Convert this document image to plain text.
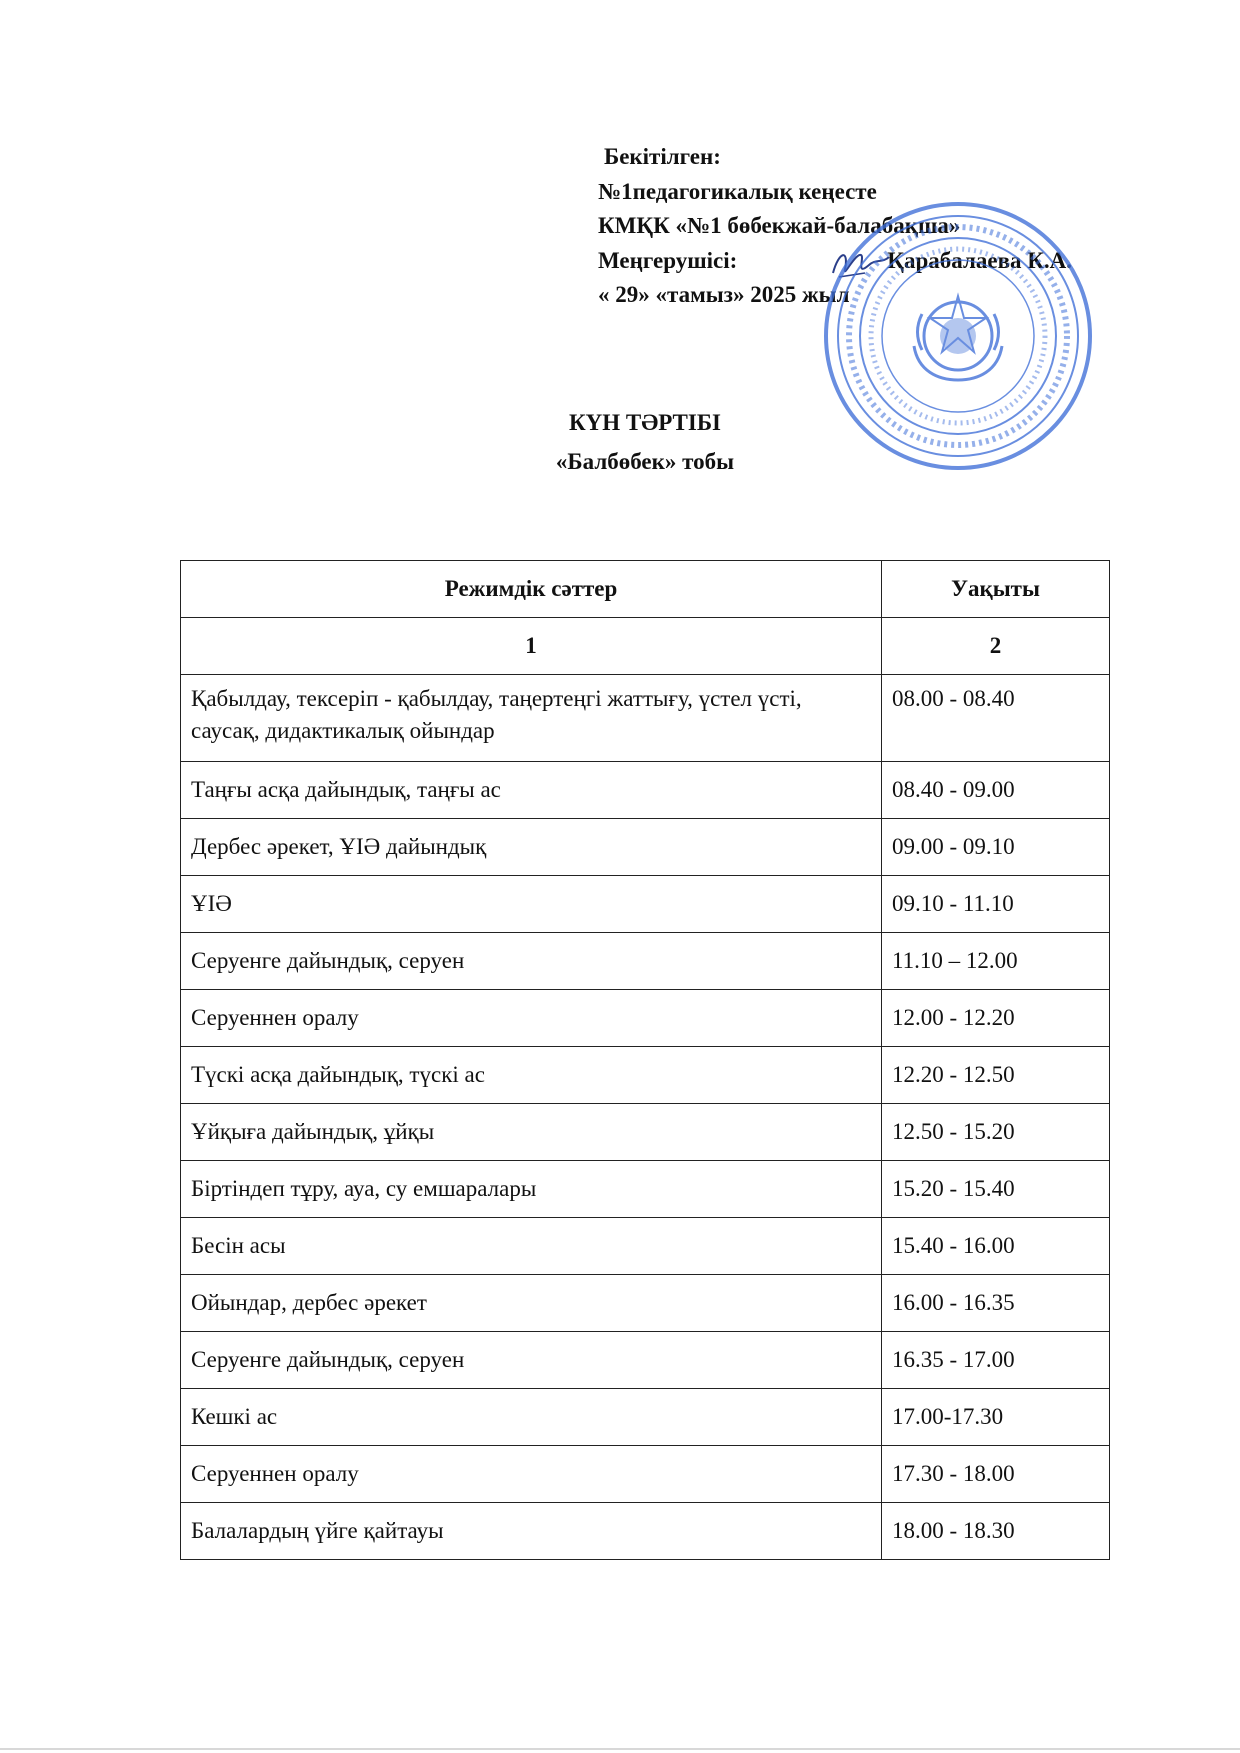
Бекітілген:
№1педагогикалық кеңесте
КМҚК «№1 бөбекжай-балабақша»
Меңгерушісі:	Қарабалаева К.А.
« 29» «тамыз» 2025 жыл
КҮН ТӘРТІБІ
«Балбөбек» тобы
Режимдік сәттер	Уақыты
1	2
Қабылдау, тексеріп - қабылдау, таңертеңгі жаттығу, үстел үсті, саусақ, дидактикалық ойындар	08.00 - 08.40
Таңғы асқа дайындық, таңғы ас	08.40 - 09.00
Дербес әрекет, ҰІӘ дайындық	09.00 - 09.10
ҰІӘ	09.10 - 11.10
Серуенге дайындық, серуен	11.10 – 12.00
Серуеннен оралу	12.00 - 12.20
Түскі асқа дайындық, түскі ас	12.20 - 12.50
Ұйқыға дайындық, ұйқы	12.50 - 15.20
Біртіндеп тұру, ауа, су емшаралары	15.20 - 15.40
Бесін асы	15.40 - 16.00
Ойындар, дербес әрекет	16.00 - 16.35
Серуенге дайындық, серуен	16.35 - 17.00
Кешкі ас	17.00-17.30
Серуеннен оралу	17.30 - 18.00
Балалардың үйге қайтауы	18.00 - 18.30
